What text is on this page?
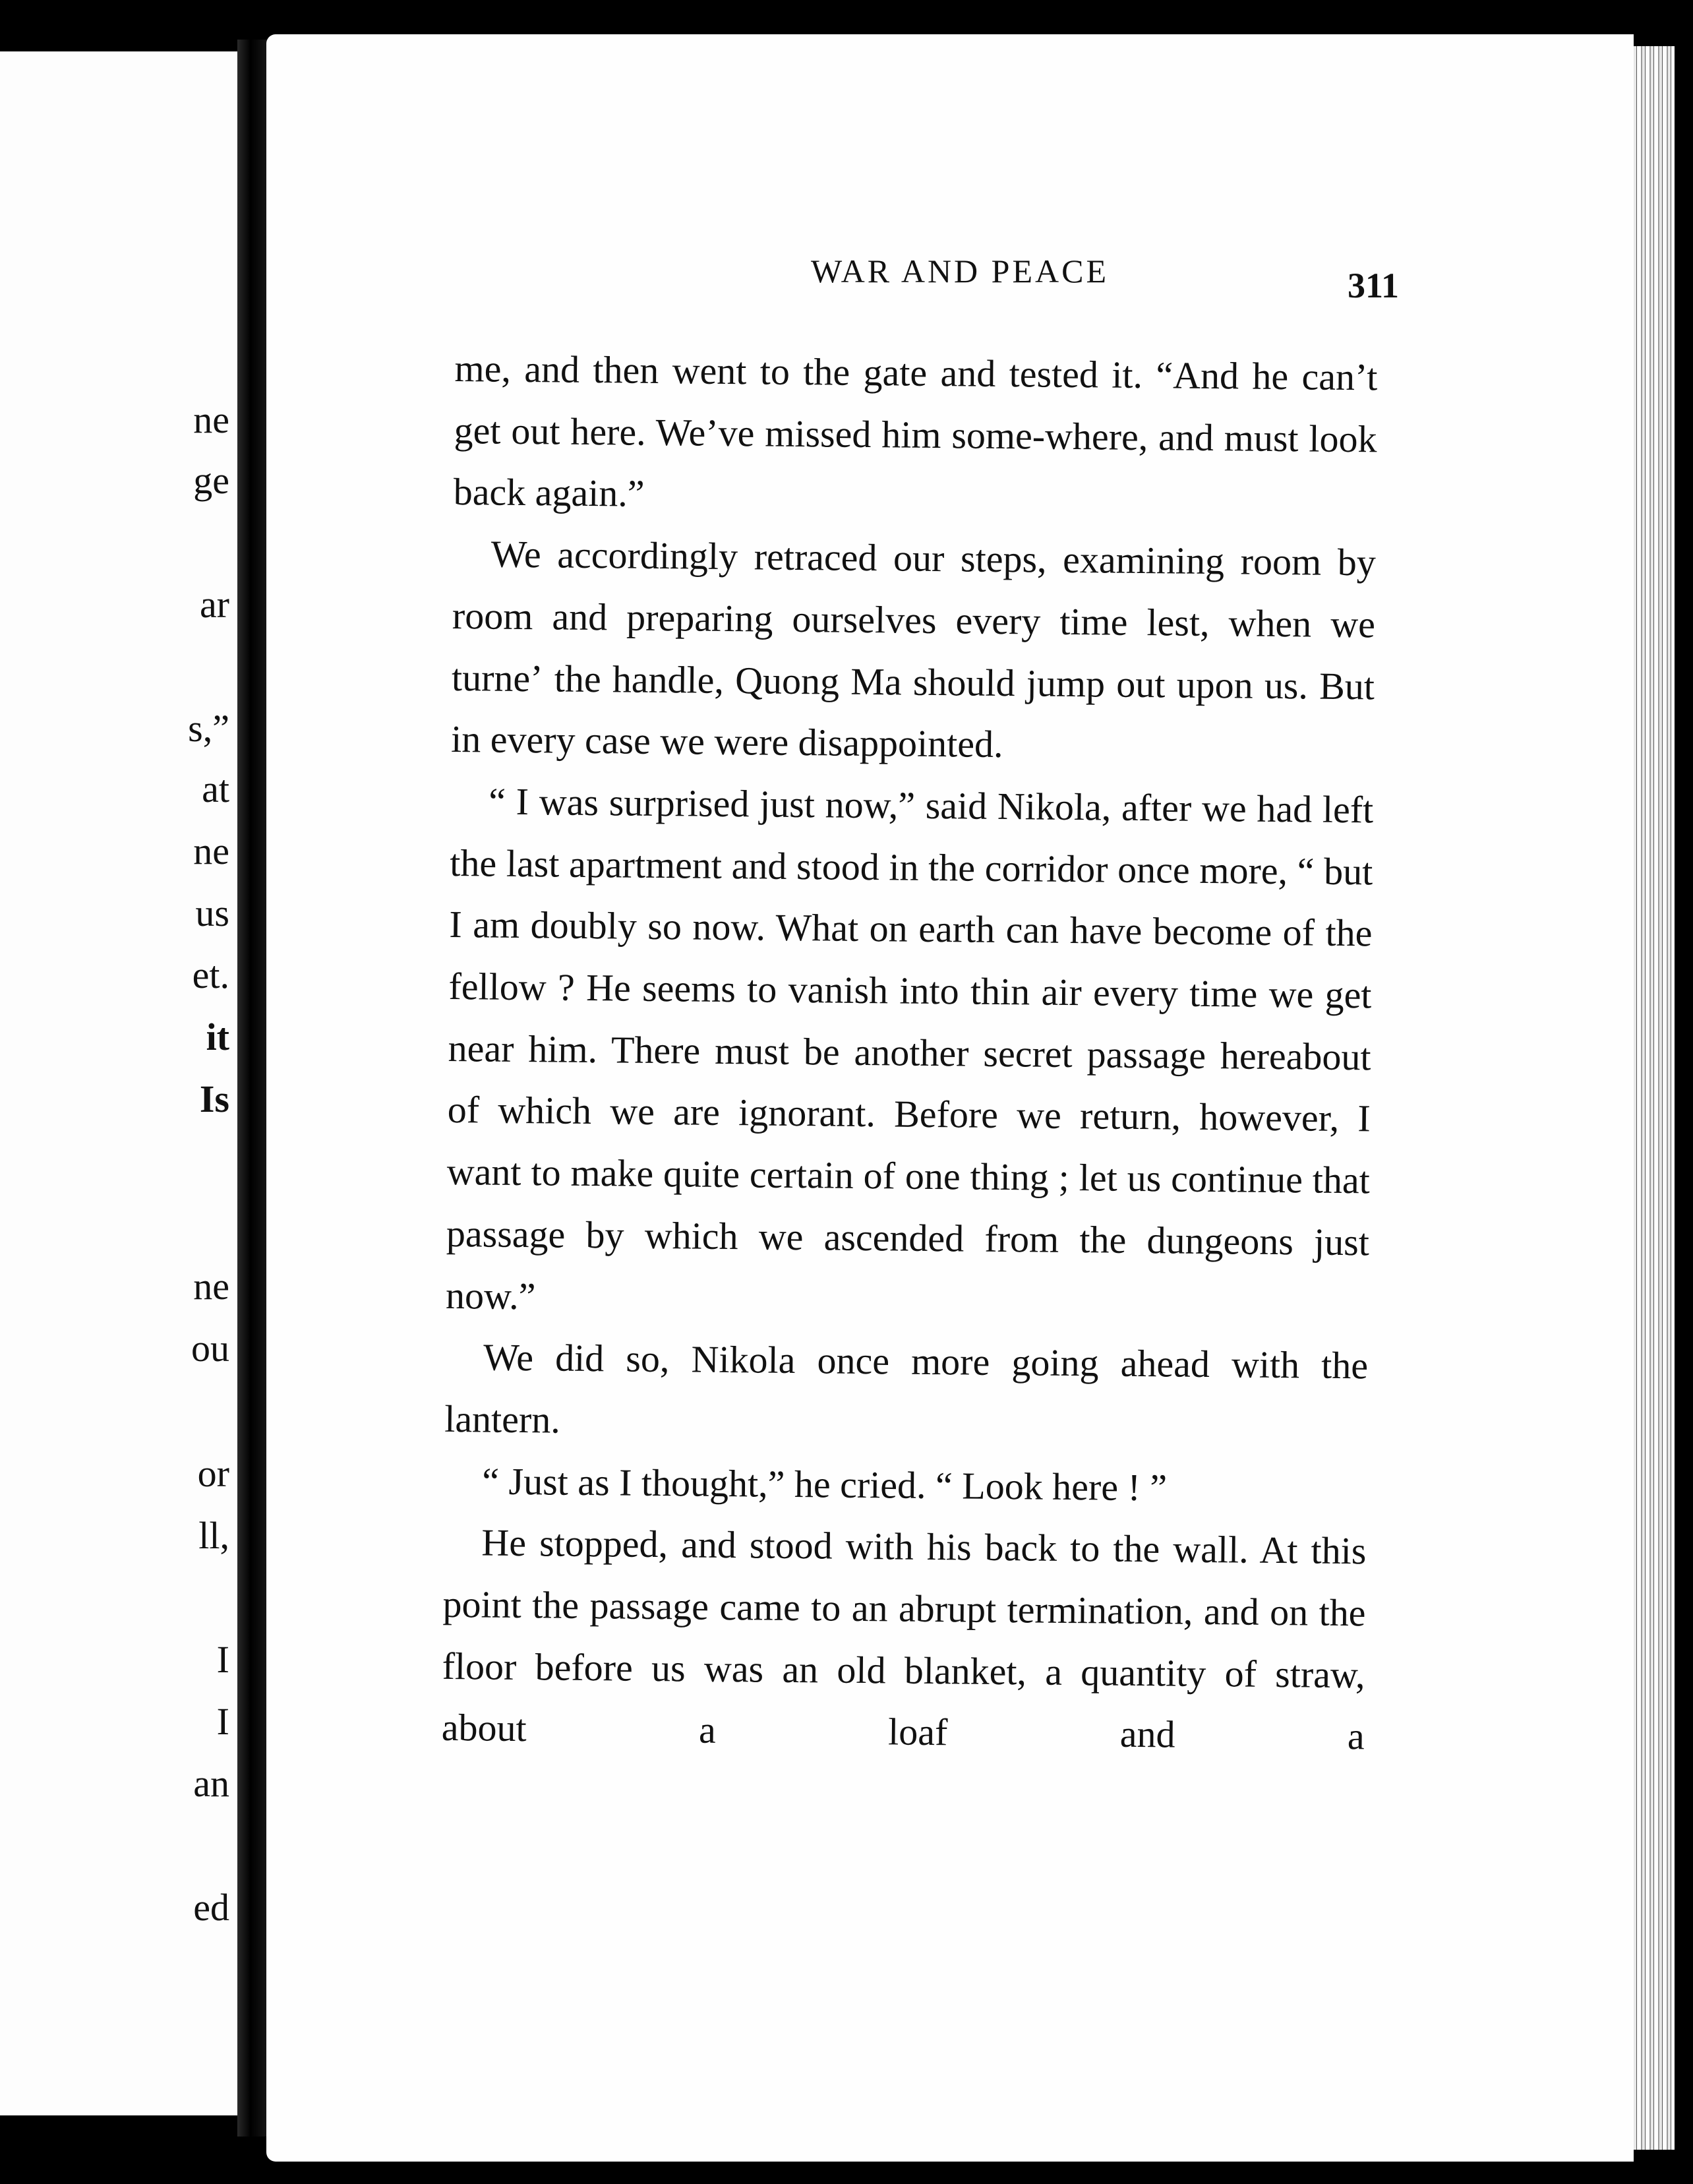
ne
ge
ar
s,”
at
ne
us
et.
it
Is
ne
ou
or
ll,
I
I
an
ed
WAR AND PEACE	311

me, and then went to the gate and tested it. “And he can’t get out here. We’ve missed him some-where, and must look back again.”

We accordingly retraced our steps, examining room by room and preparing ourselves every time lest, when we turneʼ the handle, Quong Ma should jump out upon us. But in every case we were disappointed.

“ I was surprised just now,” said Nikola, after we had left the last apartment and stood in the corridor once more, “ but I am doubly so now. What on earth can have become of the fellow ? He seems to vanish into thin air every time we get near him. There must be another secret passage hereabout of which we are ignorant. Before we return, however, I want to make quite certain of one thing ; let us continue that passage by which we ascended from the dungeons just now.”

We did so, Nikola once more going ahead with the lantern.

“ Just as I thought,” he cried. “ Look here ! ”

He stopped, and stood with his back to the wall. At this point the passage came to an abrupt termination, and on the floor before us was an old blanket, a quantity of straw, about a loaf and a
